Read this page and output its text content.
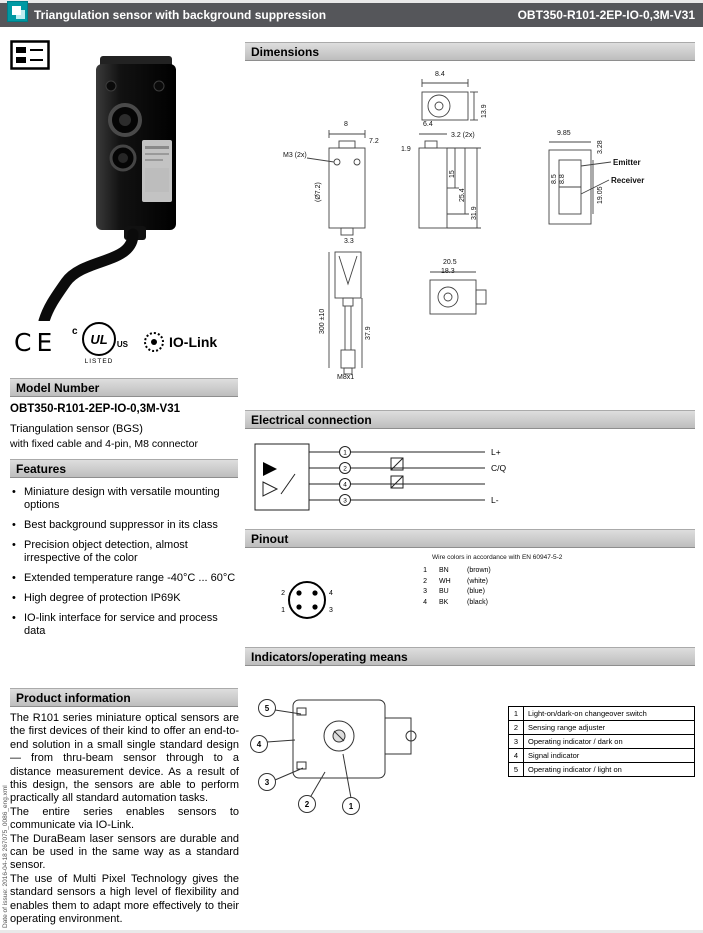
Triangulation sensor with background suppression	OBT350-R101-2EP-IO-0,3M-V31
Date of issue: 2016-04-18 267075_0086_eng.xml
CE c UL US
LISTED
IO-Link
Model Number
OBT350-R101-2EP-IO-0,3M-V31
Triangulation sensor (BGS)
with fixed cable and 4-pin, M8 connector
Features
• Miniature design with versatile mounting options
• Best background suppressor in its class
• Precision object detection, almost irrespective of the color
• Extended temperature range -40°C ... 60°C
• High degree of protection IP69K
• IO-link interface for service and process data
Product information

The R101 series miniature optical sensors are the first devices of their kind to offer an end-to-end solution in a small single standard design — from thru-beam sensor through to a distance measurement device. As a result of this design, the sensors are able to perform practically all standard automation tasks.

The entire series enables sensors to communicate via IO-Link.

The DuraBeam laser sensors are durable and can be used in the same way as a standard sensor.

The use of Multi Pixel Technology gives the standard sensors a high level of flexibility and enables them to adapt more effectively to their operating environment.

Dimensions
8.4
13.9
8
M3 (2x)
7.2
(Ø7.2)
6.4
3.2 (2x)
1.9
15
25.4
31.9
3.3
9.85
3.28
8.5 8.8
19.05
Emitter
Receiver
20.5
18.3
300 ±10	37.9
M8x1
Electrical connection
1
2
4
3
L+
C/Q
L-
Pinout
Wire colors in accordance with EN 60947-5-2
2
1
4
3
1	BN	(brown)
2	WH	(white)
3	BU	(blue)
4	BK	(black)
Indicators/operating means
5
4
3
2	1
1	Light-on/dark-on changeover switch
2	Sensing range adjuster
3	Operating indicator / dark on
4	Signal indicator
5	Operating indicator / light on
